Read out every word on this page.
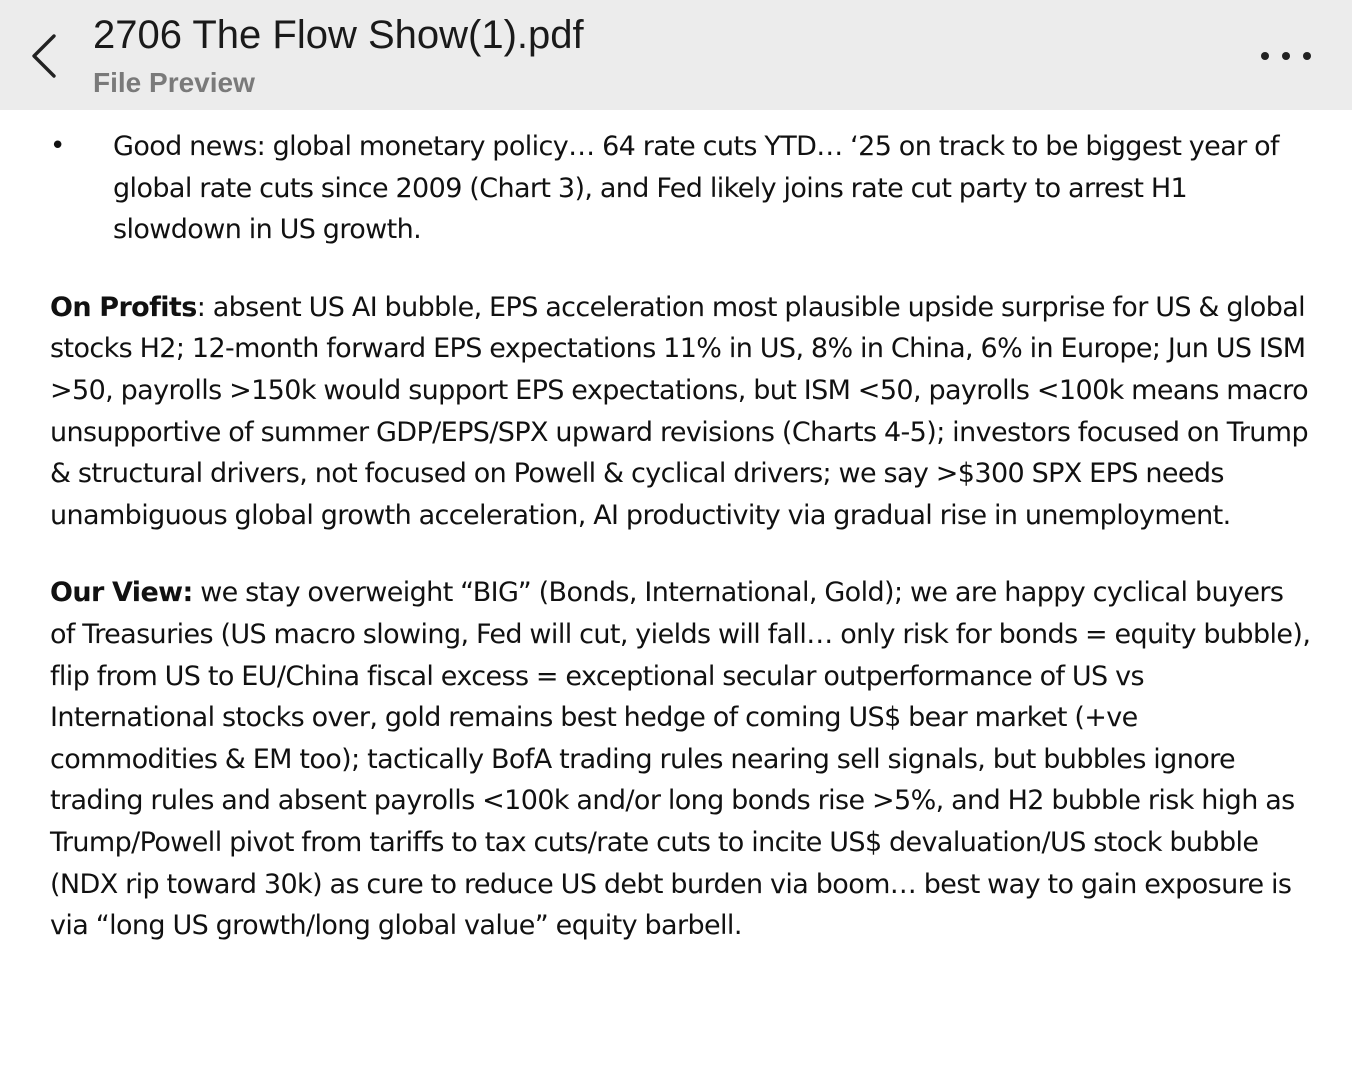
2706 The Flow Show(1).pdf
File Preview
• Good news: global monetary policy… 64 rate cuts YTD… ‘25 on track to be biggest year of global rate cuts since 2009 (Chart 3), and Fed likely joins rate cut party to arrest H1 slowdown in US growth.
On Profits: absent US AI bubble, EPS acceleration most plausible upside surprise for US & global stocks H2; 12-month forward EPS expectations 11% in US, 8% in China, 6% in Europe; Jun US ISM >50, payrolls >150k would support EPS expectations, but ISM <50, payrolls <100k means macro unsupportive of summer GDP/EPS/SPX upward revisions (Charts 4-5); investors focused on Trump & structural drivers, not focused on Powell & cyclical drivers; we say >$300 SPX EPS needs unambiguous global growth acceleration, AI productivity via gradual rise in unemployment.
Our View: we stay overweight “BIG” (Bonds, International, Gold); we are happy cyclical buyers of Treasuries (US macro slowing, Fed will cut, yields will fall… only risk for bonds = equity bubble), flip from US to EU/China fiscal excess = exceptional secular outperformance of US vs International stocks over, gold remains best hedge of coming US$ bear market (+ve commodities & EM too); tactically BofA trading rules nearing sell signals, but bubbles ignore trading rules and absent payrolls <100k and/or long bonds rise >5%, and H2 bubble risk high as Trump/Powell pivot from tariffs to tax cuts/rate cuts to incite US$ devaluation/US stock bubble (NDX rip toward 30k) as cure to reduce US debt burden via boom… best way to gain exposure is via “long US growth/long global value” equity barbell.
